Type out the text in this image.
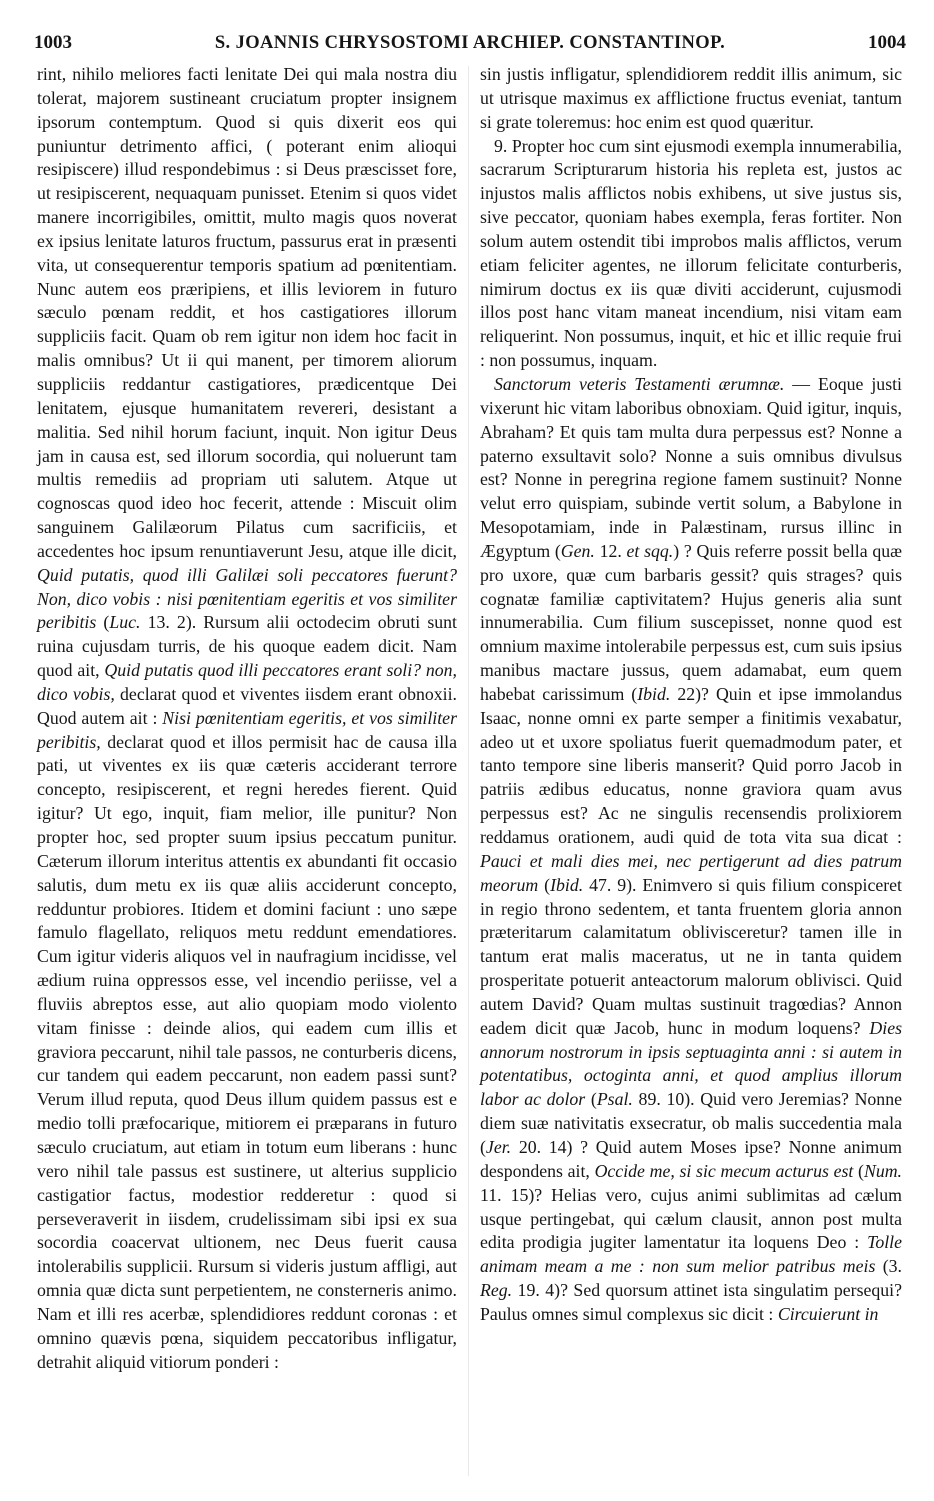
1003	S. JOANNIS CHRYSOSTOMI ARCHIEP. CONSTANTINOP.	1004

rint, nihilo meliores facti lenitate Dei qui mala nostra diu tolerat, majorem sustineant cruciatum propter insignem ipsorum contemptum. Quod si quis dixerit eos qui puniuntur detrimento affici, ( poterant enim alioqui resipiscere) illud respondebimus : si Deus præscisset fore, ut resipiscerent, nequaquam punisset. Etenim si quos videt manere incorrigibiles, omittit, multo magis quos noverat ex ipsius lenitate laturos fructum, passurus erat in præsenti vita, ut consequerentur temporis spatium ad pœnitentiam. Nunc autem eos præripiens, et illis leviorem in futuro sæculo pœnam reddit, et hos castigatiores illorum suppliciis facit. Quam ob rem igitur non idem hoc facit in malis omnibus? Ut ii qui manent, per timorem aliorum suppliciis reddantur castigatiores, prædicentque Dei lenitatem, ejusque humanitatem revereri, desistant a malitia. Sed nihil horum faciunt, inquit. Non igitur Deus jam in causa est, sed illorum socordia, qui noluerunt tam multis remediis ad propriam uti salutem. Atque ut cognoscas quod ideo hoc fecerit, attende : Miscuit olim sanguinem Galilæorum Pilatus cum sacrificiis, et accedentes hoc ipsum renuntiaverunt Jesu, atque ille dicit, Quid putatis, quod illi Galilæi soli peccatores fuerunt? Non, dico vobis : nisi pœnitentiam egeritis et vos similiter peribitis (Luc. 13. 2). Rursum alii octodecim obruti sunt ruina cujusdam turris, de his quoque eadem dicit. Nam quod ait, Quid putatis quod illi peccatores erant soli? non, dico vobis, declarat quod et viventes iisdem erant obnoxii. Quod autem ait : Nisi pœnitentiam egeritis, et vos similiter peribitis, declarat quod et illos permisit hac de causa illa pati, ut viventes ex iis quæ cæteris acciderant terrore concepto, resipiscerent, et regni heredes fierent. Quid igitur? Ut ego, inquit, fiam melior, ille punitur? Non propter hoc, sed propter suum ipsius peccatum punitur. Cæterum illorum interitus attentis ex abundanti fit occasio salutis, dum metu ex iis quæ aliis acciderunt concepto, redduntur probiores. Itidem et domini faciunt : uno sæpe famulo flagellato, reliquos metu reddunt emendatiores. Cum igitur videris aliquos vel in naufragium incidisse, vel ædium ruina oppressos esse, vel incendio periisse, vel a fluviis abreptos esse, aut alio quopiam modo violento vitam finisse : deinde alios, qui eadem cum illis et graviora peccarunt, nihil tale passos, ne conturberis dicens, cur tandem qui eadem peccarunt, non eadem passi sunt? Verum illud reputa, quod Deus illum quidem passus est e medio tolli præfocarique, mitiorem ei præparans in futuro sæculo cruciatum, aut etiam in totum eum liberans : hunc vero nihil tale passus est sustinere, ut alterius supplicio castigatior factus, modestior redderetur : quod si perseveraverit in iisdem, crudelissimam sibi ipsi ex sua socordia coacervat ultionem, nec Deus fuerit causa intolerabilis supplicii. Rursum si videris justum affligi, aut omnia quæ dicta sunt perpetientem, ne consterneris animo. Nam et illi res acerbæ, splendidiores reddunt coronas : et omnino quævis pœna, siquidem peccatoribus infligatur, detrahit aliquid vitiorum ponderi :

sin justis infligatur, splendidiorem reddit illis animum, sic ut utrisque maximus ex afflictione fructus eveniat, tantum si grate toleremus: hoc enim est quod quæritur.

9. Propter hoc cum sint ejusmodi exempla innumerabilia, sacrarum Scripturarum historia his repleta est, justos ac injustos malis afflictos nobis exhibens, ut sive justus sis, sive peccator, quoniam habes exempla, feras fortiter. Non solum autem ostendit tibi improbos malis afflictos, verum etiam feliciter agentes, ne illorum felicitate conturberis, nimirum doctus ex iis quæ diviti acciderunt, cujusmodi illos post hanc vitam maneat incendium, nisi vitam eam reliquerint. Non possumus, inquit, et hic et illic requie frui : non possumus, inquam.

Sanctorum veteris Testamenti ærumnæ. — Eoque justi vixerunt hic vitam laboribus obnoxiam. Quid igitur, inquis, Abraham? Et quis tam multa dura perpessus est? Nonne a paterno exsultavit solo? Nonne a suis omnibus divulsus est? Nonne in peregrina regione famem sustinuit? Nonne velut erro quispiam, subinde vertit solum, a Babylone in Mesopotamiam, inde in Palæstinam, rursus illinc in Ægyptum (Gen. 12. et sqq.) ? Quis referre possit bella quæ pro uxore, quæ cum barbaris gessit? quis strages? quis cognatæ familiæ captivitatem? Hujus generis alia sunt innumerabilia. Cum filium suscepisset, nonne quod est omnium maxime intolerabile perpessus est, cum suis ipsius manibus mactare jussus, quem adamabat, eum quem habebat carissimum (Ibid. 22)? Quin et ipse immolandus Isaac, nonne omni ex parte semper a finitimis vexabatur, adeo ut et uxore spoliatus fuerit quemadmodum pater, et tanto tempore sine liberis manserit? Quid porro Jacob in patriis ædibus educatus, nonne graviora quam avus perpessus est? Ac ne singulis recensendis prolixiorem reddamus orationem, audi quid de tota vita sua dicat : Pauci et mali dies mei, nec pertigerunt ad dies patrum meorum (Ibid. 47. 9). Enimvero si quis filium conspiceret in regio throno sedentem, et tanta fruentem gloria annon præteritarum calamitatum oblivisceretur? tamen ille in tantum erat malis maceratus, ut ne in tanta quidem prosperitate potuerit anteactorum malorum oblivisci. Quid autem David? Quam multas sustinuit tragœdias? Annon eadem dicit quæ Jacob, hunc in modum loquens? Dies annorum nostrorum in ipsis septuaginta anni : si autem in potentatibus, octoginta anni, et quod amplius illorum labor ac dolor (Psal. 89. 10). Quid vero Jeremias? Nonne diem suæ nativitatis exsecratur, ob malis succedentia mala (Jer. 20. 14) ? Quid autem Moses ipse? Nonne animum despondens ait, Occide me, si sic mecum acturus est (Num. 11. 15)? Helias vero, cujus animi sublimitas ad cælum usque pertingebat, qui cælum clausit, annon post multa edita prodigia jugiter lamentatur ita loquens Deo : Tolle animam meam a me : non sum melior patribus meis (3. Reg. 19. 4)? Sed quorsum attinet ista singulatim persequi? Paulus omnes simul complexus sic dicit : Circuierunt in
